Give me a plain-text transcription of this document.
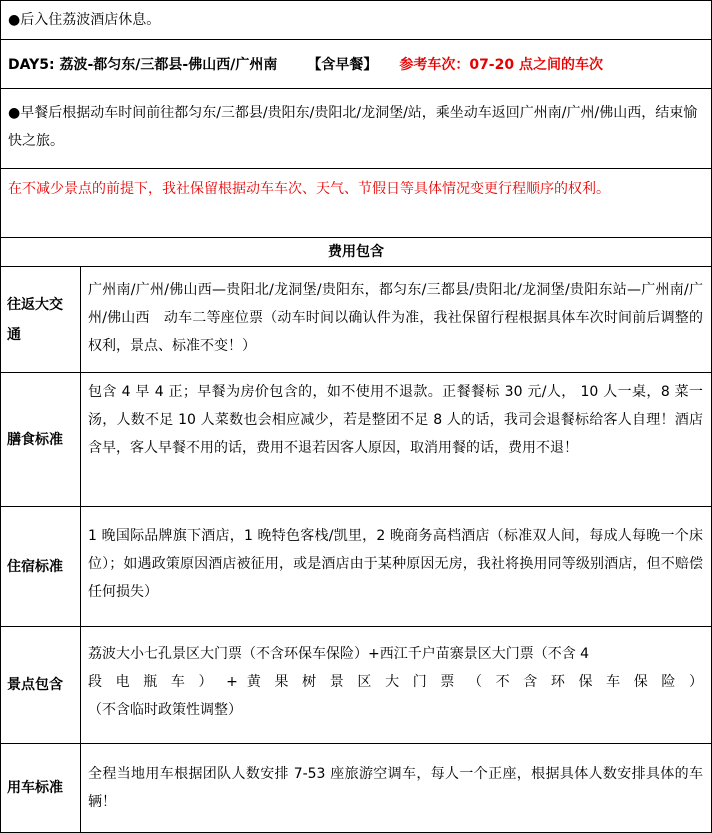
●后入住荔波酒店休息。
DAY5: 荔波-都匀东/三都县-佛山西/广州南 【含早餐】 参考车次：07-20 点之间的车次
●早餐后根据动车时间前往都匀东/三都县/贵阳东/贵阳北/龙洞堡/站，乘坐动车返回广州南/广州/佛山西，结束愉快之旅。
在不减少景点的前提下，我社保留根据动车车次、天气、节假日等具体情况变更行程顺序的权利。
费用包含
往返大交
通
广州南/广州/佛山西—贵阳北/龙洞堡/贵阳东，都匀东/三都县/贵阳北/龙洞堡/贵阳东站—广州南/广州/佛山西　动车二等座位票（动车时间以确认件为准，我社保留行程根据具体车次时间前后调整的权利，景点、标准不变！）
膳食标准
包含 4 早 4 正；早餐为房价包含的，如不使用不退款。正餐餐标 30 元/人， 10 人一桌，8 菜一汤，人数不足 10 人菜数也会相应减少，若是整团不足 8 人的话，我司会退餐标给客人自理！酒店含早，客人早餐不用的话，费用不退若因客人原因，取消用餐的话，费用不退！
住宿标准
1 晚国际品牌旗下酒店，1 晚特色客栈/凯里，2 晚商务高档酒店（标准双人间，每成人每晚一个床位）；如遇政策原因酒店被征用，或是酒店由于某种原因无房，我社将换用同等级别酒店，但不赔偿任何损失）
景点包含
荔波大小七孔景区大门票（不含环保车保险）+西江千户苗寨景区大门票（不含 4
段 电 瓶 车 ） + 黄 果 树 景 区 大 门 票 （ 不 含 环 保 车 保 险 ）
（不含临时政策性调整）
用车标准
全程当地用车根据团队人数安排 7-53 座旅游空调车，每人一个正座，根据具体人数安排具体的车辆！
